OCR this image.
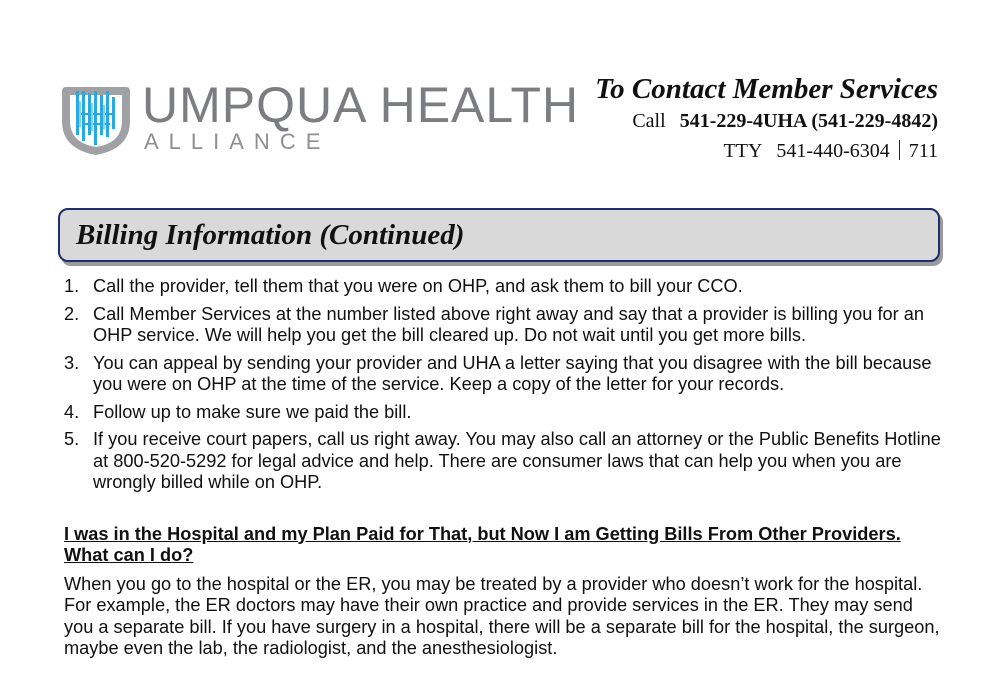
UMPQUA HEALTH
ALLIANCE
To Contact Member Services
Call 541-229-4UHA (541-229-4842)
TTY 541-440-6304 711
Billing Information (Continued)
1. Call the provider, tell them that you were on OHP, and ask them to bill your CCO.
2. Call Member Services at the number listed above right away and say that a provider is billing you for an OHP service. We will help you get the bill cleared up. Do not wait until you get more bills.
3. You can appeal by sending your provider and UHA a letter saying that you disagree with the bill because you were on OHP at the time of the service. Keep a copy of the letter for your records.
4. Follow up to make sure we paid the bill.
5. If you receive court papers, call us right away. You may also call an attorney or the Public Benefits Hotline at 800-520-5292 for legal advice and help. There are consumer laws that can help you when you are wrongly billed while on OHP.
I was in the Hospital and my Plan Paid for That, but Now I am Getting Bills From Other Providers. What can I do?
When you go to the hospital or the ER, you may be treated by a provider who doesn’t work for the hospital. For example, the ER doctors may have their own practice and provide services in the ER. They may send you a separate bill. If you have surgery in a hospital, there will be a separate bill for the hospital, the surgeon, maybe even the lab, the radiologist, and the anesthesiologist.
